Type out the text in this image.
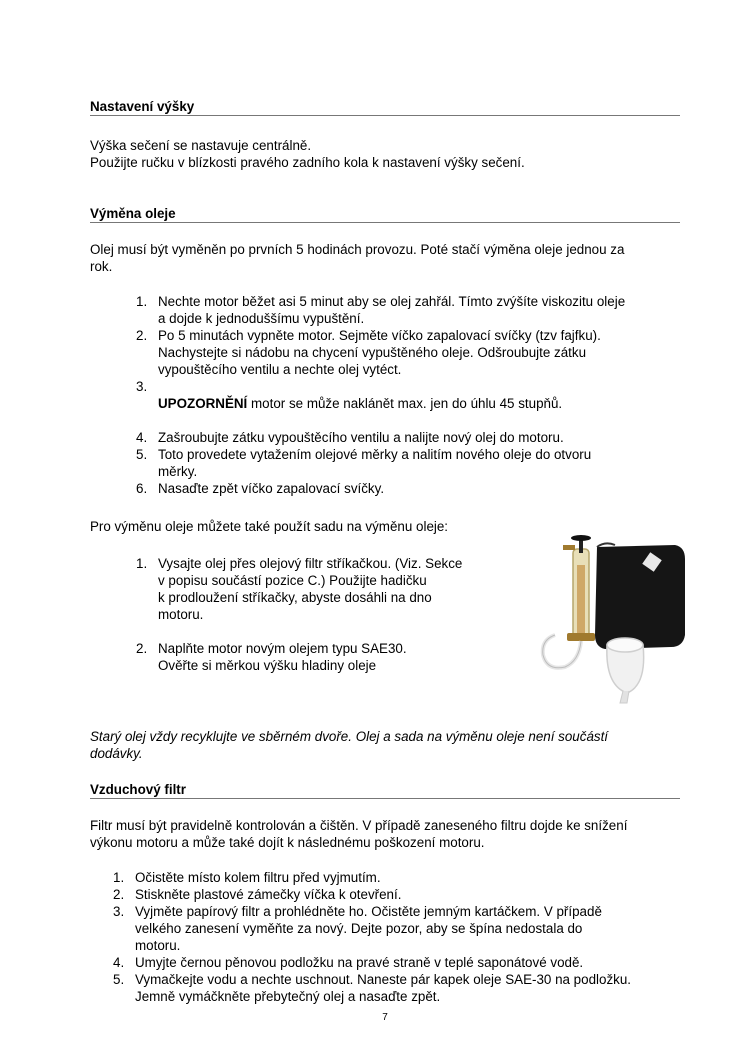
Nastavení výšky

Výška sečení se nastavuje centrálně.

Použijte ručku v blízkosti pravého zadního kola k nastavení výšky sečení.

Výměna oleje

Olej musí být vyměněn po prvních 5 hodinách provozu. Poté stačí výměna oleje jednou za

rok.

1. Nechte motor běžet asi 5 minut aby se olej zahřál. Tímto zvýšíte viskozitu oleje
a dojde k jednoduššímu vypuštění.
2. Po 5 minutách vypněte motor. Sejměte víčko zapalovací svíčky (tzv fajfku).
Nachystejte si nádobu na chycení vypuštěného oleje. Odšroubujte zátku
vypouštěcího ventilu a nechte olej vytéct.
3.
UPOZORNĚNÍ motor se může naklánět max. jen do úhlu 45 stupňů.
4. Zašroubujte zátku vypouštěcího ventilu a nalijte nový olej do motoru.
5. Toto provedete vytažením olejové měrky a nalitím nového oleje do otvoru
měrky.
6. Nasaďte zpět víčko zapalovací svíčky.
Pro výměnu oleje můžete také použít sadu na výměnu oleje:
1. Vysajte olej přes olejový filtr stříkačkou. (Viz. Sekce
v popisu součástí pozice C.) Použijte hadičku
k prodloužení stříkačky, abyste dosáhli na dno
motoru.
2. Naplňte motor novým olejem typu SAE30.
Ověřte si měrkou výšku hladiny oleje

Starý olej vždy recyklujte ve sběrném dvoře. Olej a sada na výměnu oleje není součástí

dodávky.

Vzduchový filtr

Filtr musí být pravidelně kontrolován a čištěn. V případě zaneseného filtru dojde ke snížení

výkonu motoru a může také dojít k následnému poškození motoru.

1. Očistěte místo kolem filtru před vyjmutím.
2. Stiskněte plastové zámečky víčka k otevření.
3. Vyjměte papírový filtr a prohlédněte ho. Očistěte jemným kartáčkem. V případě
velkého zanesení vyměňte za nový. Dejte pozor, aby se špína nedostala do
motoru.
4. Umyjte černou pěnovou podložku na pravé straně v teplé saponátové vodě.
5. Vymačkejte vodu a nechte uschnout. Naneste pár kapek oleje SAE-30 na podložku.
Jemně vymáčkněte přebytečný olej a nasaďte zpět.
7
